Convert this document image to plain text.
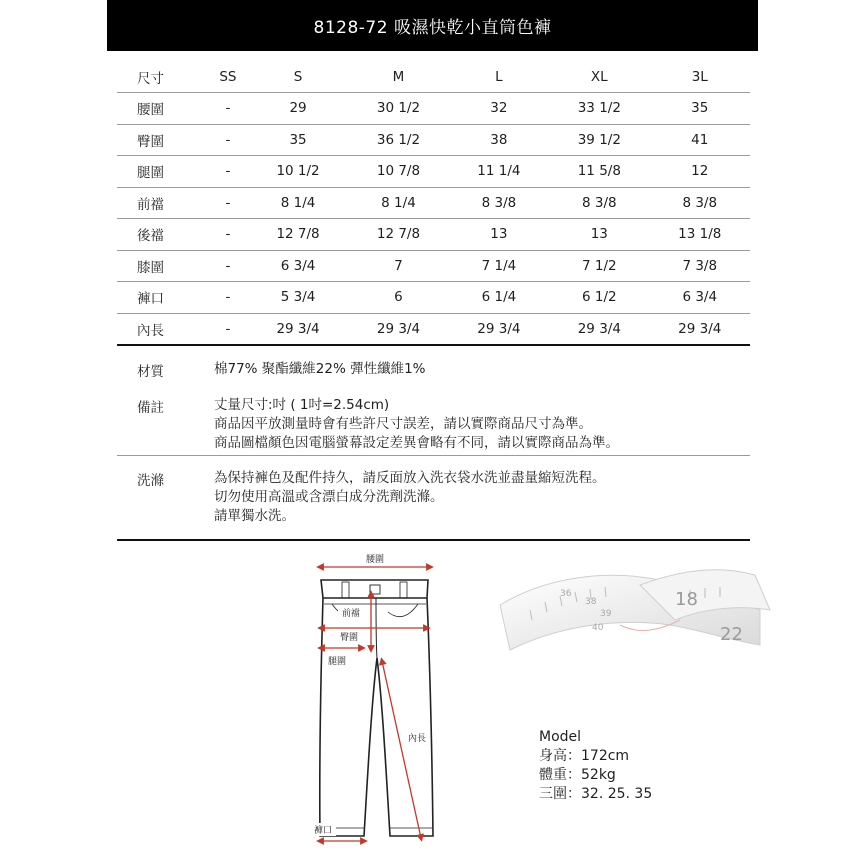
8128-72 吸濕快乾小直筒色褲
尺寸	SS	S	M	L	XL	3L
腰圍	-	29	30 1/2	32	33 1/2	35
臀圍	-	35	36 1/2	38	39 1/2	41
腿圍	-	10 1/2	10 7/8	11 1/4	11 5/8	12
前襠	-	8 1/4	8 1/4	8 3/8	8 3/8	8 3/8
後襠	-	12 7/8	12 7/8	13	13	13 1/8
膝圍	-	6 3/4	7	7 1/4	7 1/2	7 3/8
褲口	-	5 3/4	6	6 1/4	6 1/2	6 3/4
內長	-	29 3/4	29 3/4	29 3/4	29 3/4	29 3/4
材質	棉77% 聚酯纖維22% 彈性纖維1%
備註	丈量尺寸:吋 ( 1吋=2.54cm)
商品因平放測量時會有些許尺寸誤差，請以實際商品尺寸為準。
商品圖檔顏色因電腦螢幕設定差異會略有不同，請以實際商品為準。
洗滌	為保持褲色及配件持久，請反面放入洗衣袋水洗並盡量縮短洗程。
切勿使用高溫或含漂白成分洗劑洗滌。
請單獨水洗。
腰圍
前襠
臀圍
腿圍
內長
褲口
36
38
39
40
18
22
Model
身高：172cm
體重：52kg
三圍：32. 25. 35
